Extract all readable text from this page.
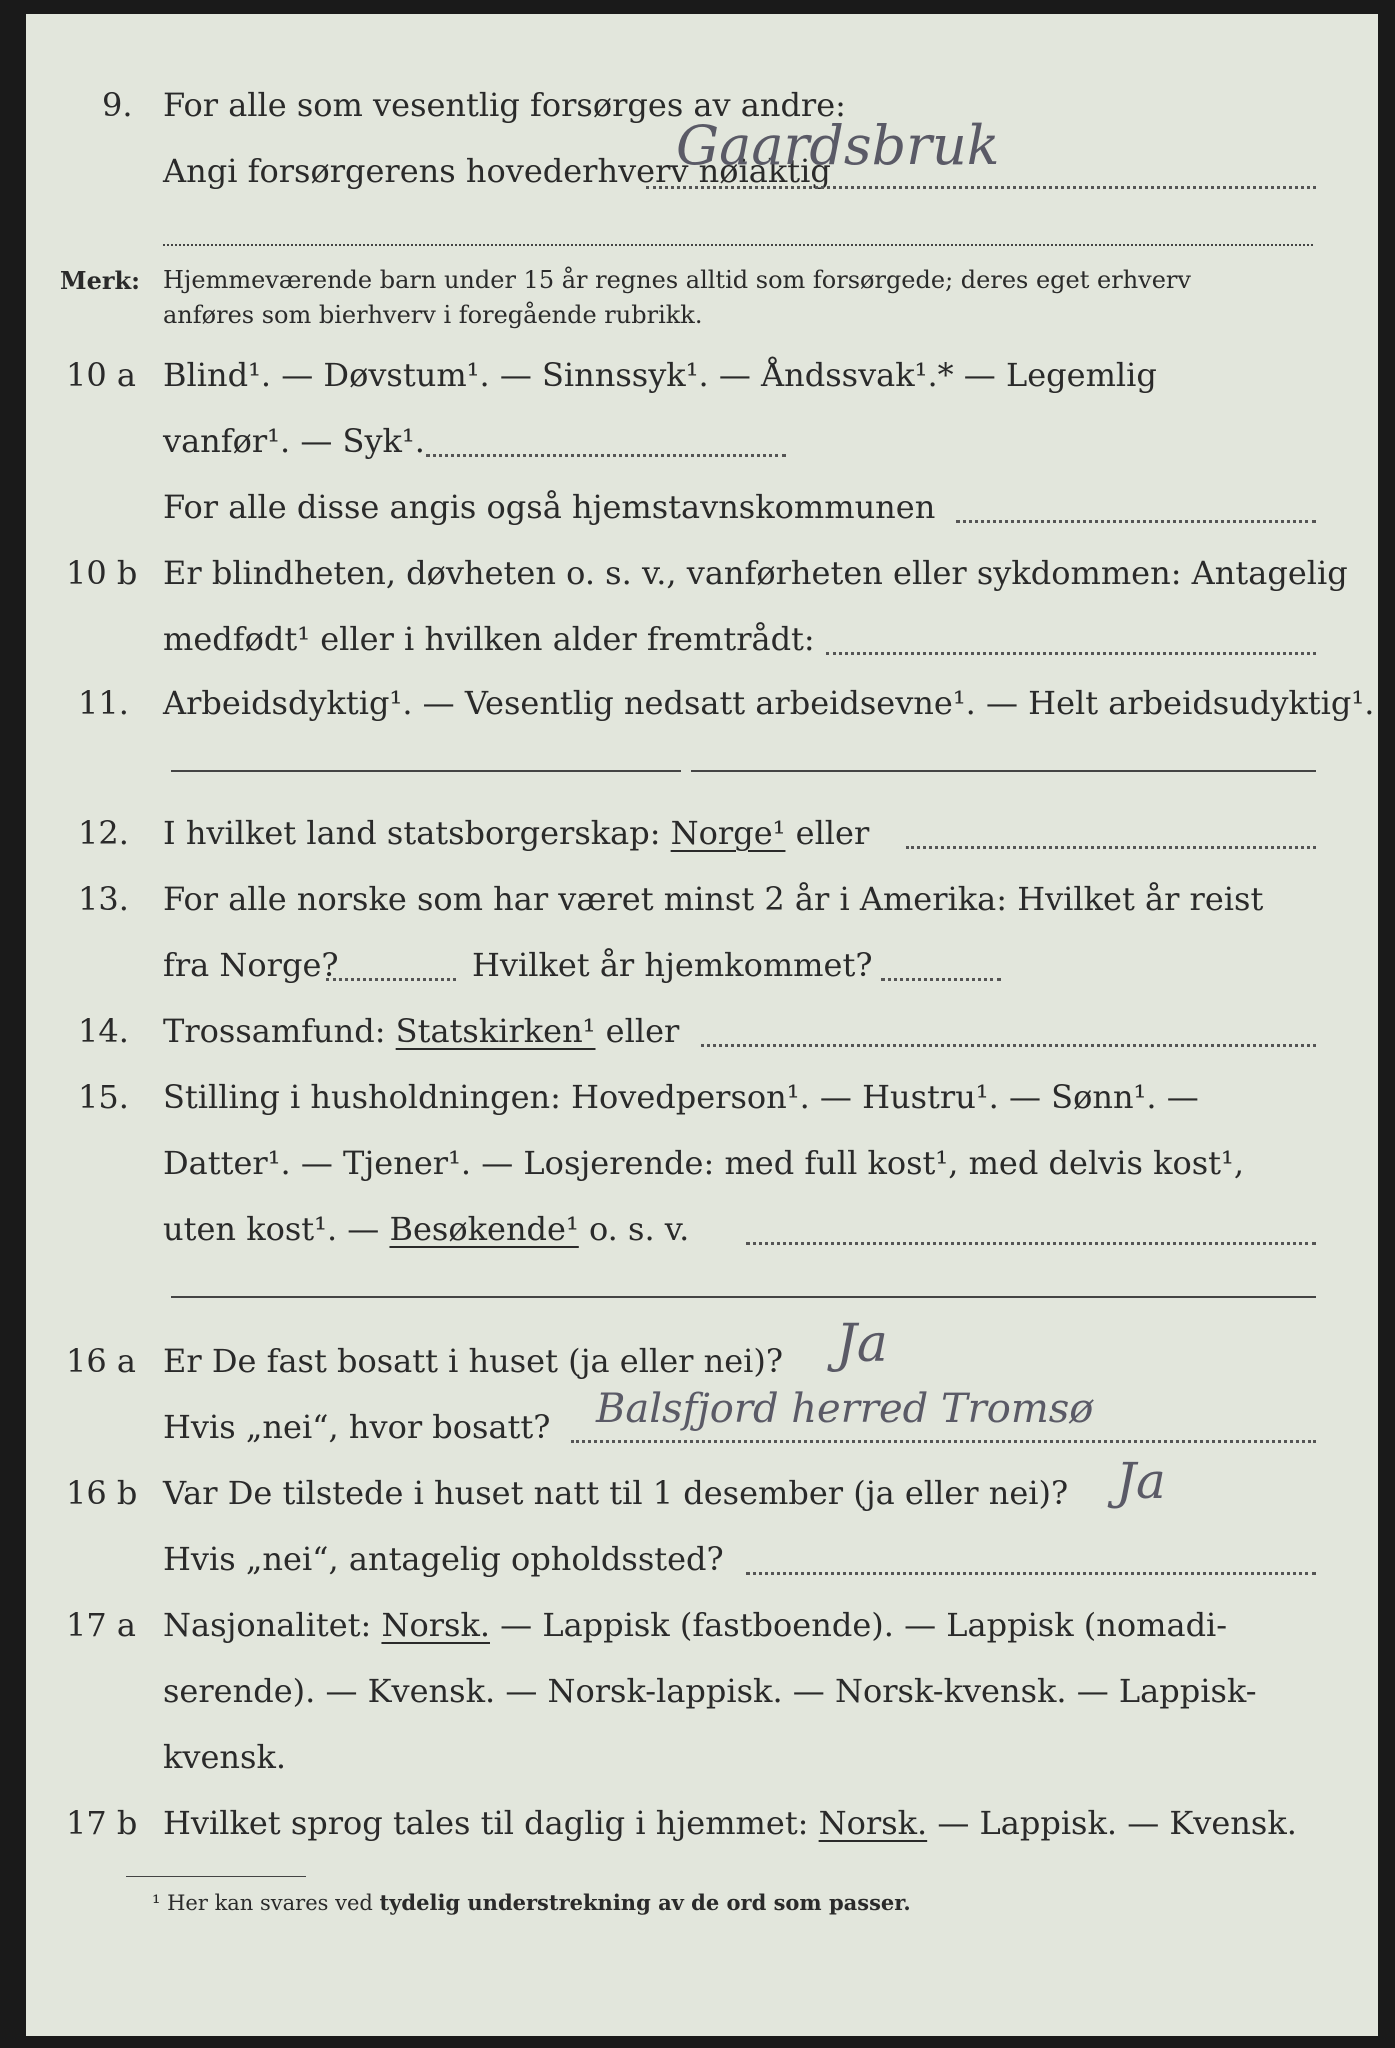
9. For alle som vesentlig forsørges av andre:
Angi forsørgerens hovederhverv nøiaktig
Gaardsbruk
Merk: Hjemmeværende barn under 15 år regnes alltid som forsørgede; deres eget erhverv
anføres som bierhverv i foregående rubrikk.
10 a Blind¹. — Døvstum¹. — Sinnssyk¹. — Åndssvak¹.* — Legemlig
vanfør¹. — Syk¹.
For alle disse angis også hjemstavnskommunen
10 b Er blindheten, døvheten o. s. v., vanførheten eller sykdommen: Antagelig
medfødt¹ eller i hvilken alder fremtrådt:
11. Arbeidsdyktig¹. — Vesentlig nedsatt arbeidsevne¹. — Helt arbeidsudyktig¹.
12. I hvilket land statsborgerskap: Norge¹ eller
13. For alle norske som har været minst 2 år i Amerika: Hvilket år reist
fra Norge?	Hvilket år hjemkommet?
14. Trossamfund: Statskirken¹ eller
15. Stilling i husholdningen: Hovedperson¹. — Hustru¹. — Sønn¹. —
Datter¹. — Tjener¹. — Losjerende: med full kost¹, med delvis kost¹,
uten kost¹. — Besøkende¹ o. s. v.
16 a Er De fast bosatt i huset (ja eller nei)? Ja
Hvis „nei“, hvor bosatt? Balsfjord herred Tromsø
16 b Var De tilstede i huset natt til 1 desember (ja eller nei)? Ja
Hvis „nei“, antagelig opholdssted?
17 a Nasjonalitet: Norsk. — Lappisk (fastboende). — Lappisk (nomadi-
serende). — Kvensk. — Norsk-lappisk. — Norsk-kvensk. — Lappisk-
kvensk.
17 b Hvilket sprog tales til daglig i hjemmet: Norsk. — Lappisk. — Kvensk.
¹ Her kan svares ved tydelig understrekning av de ord som passer.
